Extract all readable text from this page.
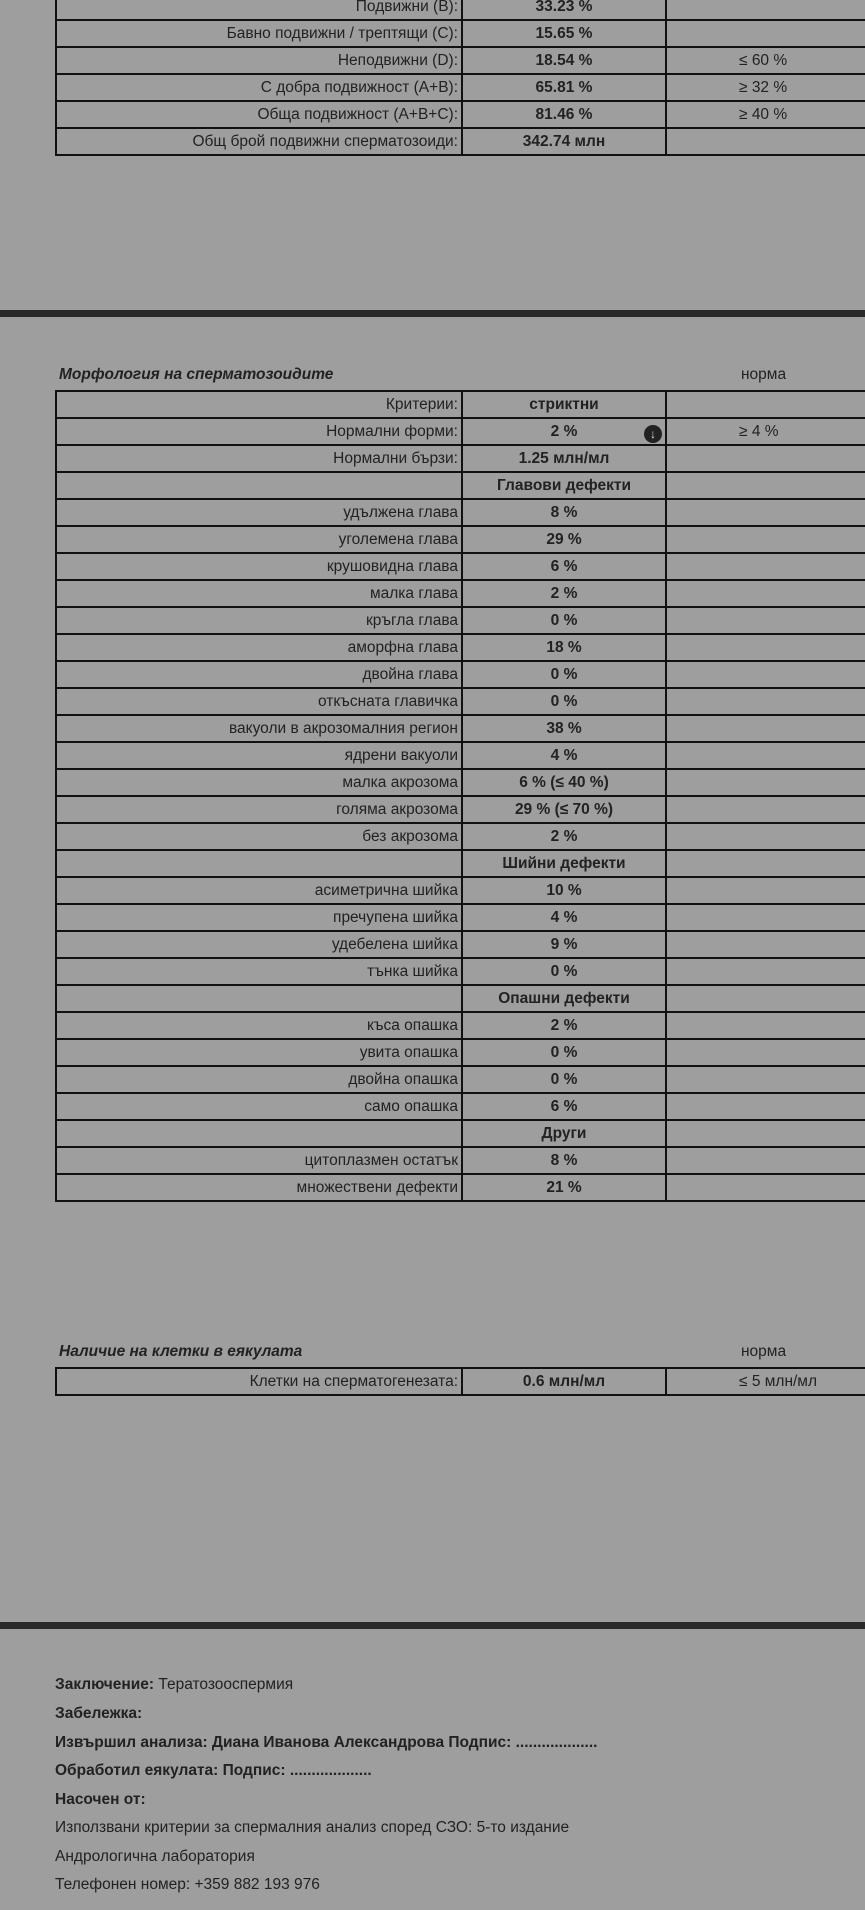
Подвижни (B):	33.23 %	
Бавно подвижни / трептящи (C):	15.65 %	
Неподвижни (D):	18.54 %	≤ 60 %
С добра подвижност (A+B):	65.81 %	≥ 32 %
Обща подвижност (A+B+C):	81.46 %	≥ 40 %
Общ брой подвижни сперматозоиди:	342.74 млн	
Морфология на сперматозоидите	норма
Критерии:	стриктни	
Нормални форми:	2 % ↓	≥ 4 %
Нормални бързи:	1.25 млн/мл	
	Главови дефекти	
удължена глава	8 %	
уголемена глава	29 %	
крушовидна глава	6 %	
малка глава	2 %	
кръгла глава	0 %	
аморфна глава	18 %	
двойна глава	0 %	
откъсната главичка	0 %	
вакуоли в акрозомалния регион	38 %	
ядрени вакуоли	4 %	
малка акрозома	6 % (≤ 40 %)	
голяма акрозома	29 % (≤ 70 %)	
без акрозома	2 %	
	Шийни дефекти	
асиметрична шийка	10 %	
пречупена шийка	4 %	
удебелена шийка	9 %	
тънка шийка	0 %	
	Опашни дефекти	
къса опашка	2 %	
увита опашка	0 %	
двойна опашка	0 %	
само опашка	6 %	
	Други	
цитоплазмен остатък	8 %	
множествени дефекти	21 %	
Наличие на клетки в еякулата	норма
Клетки на сперматогенезата:	0.6 млн/мл	≤ 5 млн/мл
Заключение: Тератозооспермия
Забележка:
Извършил анализа: Диана Иванова Александрова Подпис: ...................
Обработил еякулата: Подпис: ...................
Насочен от:
Използвани критерии за спермалния анализ според СЗО: 5-то издание
Андрологична лаборатория
Телефонен номер: +359 882 193 976
